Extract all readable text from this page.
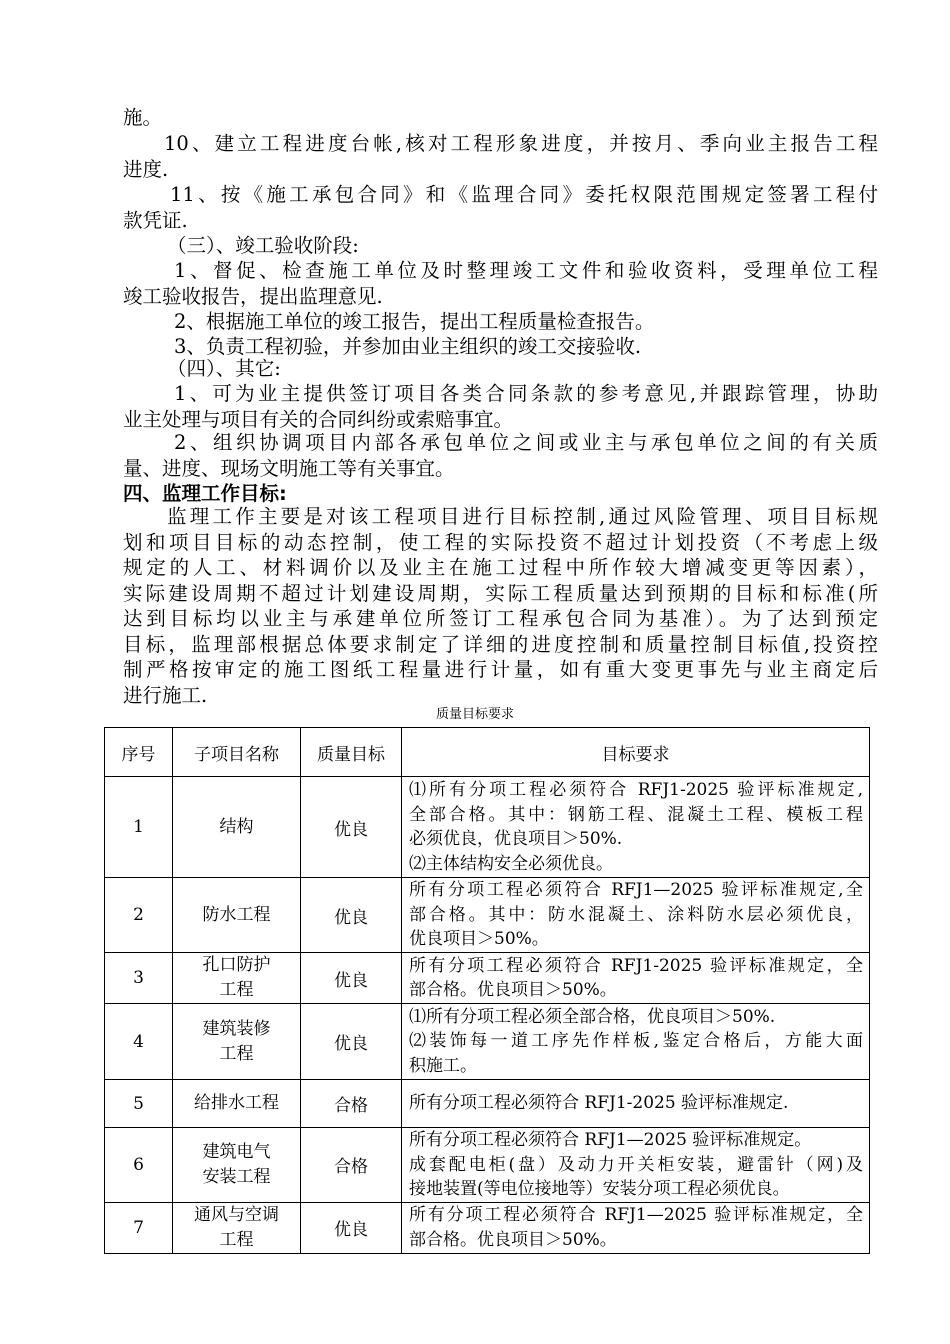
施。

10、建立工程进度台帐,核对工程形象进度，并按月、季向业主报告工程
进度.

11、按《施工承包合同》和《监理合同》委托权限范围规定签署工程付
款凭证.

（三）、竣工验收阶段:

1、督促、检查施工单位及时整理竣工文件和验收资料，受理单位工程
竣工验收报告，提出监理意见.

2、根据施工单位的竣工报告，提出工程质量检查报告。

3、负责工程初验，并参加由业主组织的竣工交接验收.

（四）、其它:

1、可为业主提供签订项目各类合同条款的参考意见,并跟踪管理，协助
业主处理与项目有关的合同纠纷或索赔事宜。

2、组织协调项目内部各承包单位之间或业主与承包单位之间的有关质
量、进度、现场文明施工等有关事宜。

四、监理工作目标:

监理工作主要是对该工程项目进行目标控制,通过风险管理、项目目标规
划和项目目标的动态控制，使工程的实际投资不超过计划投资（不考虑上级
规定的人工、材料调价以及业主在施工过程中所作较大增减变更等因素），
实际建设周期不超过计划建设周期，实际工程质量达到预期的目标和标准(所
达到目标均以业主与承建单位所签订工程承包合同为基准）。为了达到预定
目标，监理部根据总体要求制定了详细的进度控制和质量控制目标值,投资控
制严格按审定的施工图纸工程量进行计量，如有重大变更事先与业主商定后
进行施工.

质量目标要求
序号	子项目名称	质量目标	目标要求
1	结构	优良	⑴所有分项工程必须符合 RFJ1-2025 验评标准规定,
全部合格。其中：钢筋工程、混凝土工程、模板工程
必须优良，优良项目＞50%.
⑵主体结构安全必须优良。

2	防水工程	优良	所有分项工程必须符合 RFJ1—2025 验评标准规定,全
部合格。其中：防水混凝土、涂料防水层必须优良，
优良项目＞50%。

3	孔口防护
工程	优良	所有分项工程必须符合 RFJ1-2025 验评标准规定，全
部合格。优良项目＞50%。

4	建筑装修
工程	优良	⑴所有分项工程必须全部合格，优良项目＞50%.
⑵装饰每一道工序先作样板,鉴定合格后，方能大面
积施工。

5	给排水工程	合格	所有分项工程必须符合 RFJ1-2025 验评标准规定.

6	建筑电气
安装工程	合格	所有分项工程必须符合 RFJ1—2025 验评标准规定。
成套配电柜(盘）及动力开关柜安装，避雷针（网)及
接地装置(等电位接地等）安装分项工程必须优良。

7	通风与空调
工程	优良	所有分项工程必须符合 RFJ1—2025 验评标准规定，全
部合格。优良项目＞50%。
